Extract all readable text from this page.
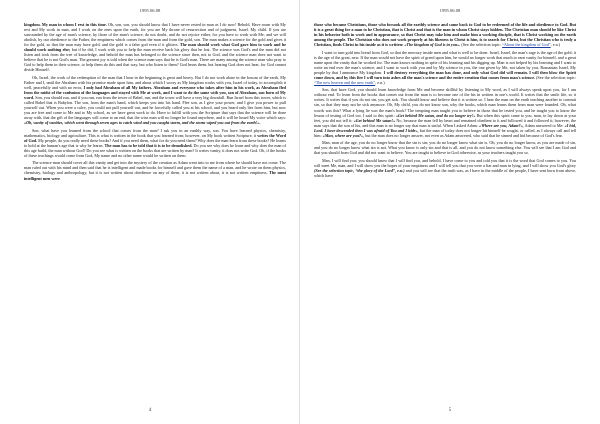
1995.06.08

kingdom. My man in whom I rest in this time. Oh, son, son, you should know that I have never rested in man as I do now! Behold, Have room with My rest and My work in man, and I work on the ones upon the earth, for you are My throne of resurrection and of judgment, Israel. My child. If you are surrounded by the age of man's science, by those of the man's science, do not doubt, and do not rejoice either, for you have to work with Me, and we will abolish, by our obedience to the Father, the emptiness which comes from the man and from the gold, son. The man makes a science for the gold and gives it for the gold, so that the man may have gold, and the gold is a false god even if it glitters. The man should work what God gave him to work and he should work nothing else; but if he did, I work with you to help the man receive back his glory that he lost. The science was God's and the man did not listen and took from the tree of knowledge, and behold the man has belonged to the science since then, not to God, and the science man does not want to believe that he is not God's man. The greatest joy is told when the science man says that he is God's man. There are many among the science man who pray to God to help them in their science, to help them do this and that way, but who listen to them? God hears them, but hearing God does not hear, for God cannot divide Himself.

Oh, Israel, the work of the redemption of the man that I bear in the beginning is great and heavy. But I do not work alone in the bosom of the earth, My Father and I, until the Abraham with his promise made upon him, and about which I worry as My kingdom works with you, Israel of today, to accomplish it well, peacefully and with no error, I only had Abraham of all My fathers. Abraham and everyone who takes after him in his work, as Abraham fled from the midst of the confusion of the languages and stayed with Me at work, and I want to do the same with you, son of Abraham, son born of My word. Son, you should run, and if you run, run from the tower of Babel, run, and the tower will have a very big downfall. Run Israel from this tower, which is called Babel that is Babylon. The son, from the man's hand, which keeps you into his hand. Flee son, as I give your power, and I give you power to pull yourself out. When you were a calve, you could not pull yourself out, and he forcefully called you at his school, and you heard only lies from him, but now you are free and come to Me and to My school, as we have great work to do. Have to fulfill with you the Scripture that says that the science will be done away with, that the gift of the languages will come to an end, that the wise man will no longer be found anywhere, and it will be heard My voice which says: «Oh, vanity of vanities, which went through seven ages to catch wind and you caught storm, and the storm wiped you out from the earth!».

Son, what have you learned from the school that comes from the man? I ask you in an earthly way, son. You have learned physics, chemistry, mathematics, biology and agriculture. This is what is written in the book that you learned from; however, on My book written Scripture, it writes the Word of God. My people, do you really need these books? And if you need them, what for do you need them? Why does the man learn from these books? He learns to hold at the human's age that is why he learns. The man has to be told that it is to be demolished. Do you see why does he learn and why does the man of this age build, the man without God? Do you see what is written on the books that are written by man? It writes vanity, it does not write God. Oh, if the books of these teachings would come from God, My name and no other name would be written on them.

The science man should cover all this vanity and get into the mystery of the creation as Adam went into to me from where he should have not come. The man ruled out with his mind and then said that he is intelligent and made books for himself and gave them the name of a man, and he wrote on them physics, chemistry, biology and anthropology, but it is not written about obedience on any of them, it is not written about, it is not written emptiness. The most intelligent men were

4
1995.06.08

those who became Christians, those who forsook all the earthly science and came back to God to be redeemed of the life and obedience to God. But it is a great thing for a man to be Christian, that is Christ and that is the man in whom Christ stays hidden. The Christian man should be like Christ in his behavior both in work and in appearance, so that Christ may take him and make him a working disciple, that is Christ working on the earth among the people. The Christian who does not work properly at his likeness to Christ is him, is to search for Christ, but the Christian who is truly a Christian, finds Christ in his inside as it is written: «The kingdom of God is in you». (See the selection topic: “About the kingdom of God”, e.n.)

I want to turn gold into bread from God, so that the mercury inside men and what is well to be done. Israel, Israel, the man's rage is the age of the gold; it is the age of the great, new. If the man would not have the spirit of greed upon him, he would no longer work that much to earn vanity for himself, and a great name upon the vanity that he worked for. The man knows nothing in spite of his learning and his digging up. Man is not helped by his learning and I want to write an end over the man's science, and I want to work with you and by My science in you, the one given by Me, not taken by you, Romanian Israel, My people by that I announce My kingdom. I will destroy everything the man has done, and only what God did will remain. I will then blow the Spirit come down, and by this fire I will turn into ashes all the man's science and the entire creation that comes from man's science. (See the selection topic: “The new heaven and the new earth”, e.n.)

Son, that have God, you should learn knowledge from Me and become skillful by listening to My word, as I will always speak upon you, for I am without end. To learn from the books that comes out from the man is to become one of the his in written in one's world. It writes that the smile life, so it writes. It writes that if you do not sin, you get sick. You should know and believe that it is written so. I hear the man on the earth teaching another to commit sin, so that they may not be sick anymore. Oh, My child, you do not know son, why the books, which man learns them from man were founded. Oh, what words was this? What a lying lie was the man's book? The tempting man taught you to believe in those that he tested you, and he taught you to know the lesson of testing of God too. I said to this spirit: «Get behind Me satan, and do no longer try!» But when this spirit came to you, man, to lay down at your feet, you did not tell it: «Get behind Me satan!» No, because the man fell by heart and remained obedient to it and followed it and followed it; however, the man says that the son of his, and this man is no longer say that man is sinful. When I asked Adam: «Where are you, Adam?», Adam answered to Me: «I hid, Lord. I have descended then I was afraid of You and I hide», but the man of today does not longer hit himself be sought, or called, as I always call and tell him: «Man, where are you?», but the man does no longer answer, not even as Adam answered, who said that he sinned and hid because of God's fear.

Man, man of the age, you do no longer know that the sin is sin; you do no longer know what sin is. Oh, you do no longer know, as you are made of sin, and you do no longer know what sin is not. What you know is only sin and that is all, and you do not know something else. You will see that I am God and that you should from God and did not want to believe. You are taught to believe in God otherwise, as your teachers taught you so.

Man, I will find you; you should know that I will find you, and behold, I have come to you and told you that it is the word that God comes to you. You will meet Me, man, and I will show you the hopes of your emptiness and I will tell you that you were a liar and man in lying, and I will show you God's glory (See the selection topic, “the glory of the Lord”, e.n.) and you will see that the truth was, as I have in the middle of the people, I have sent born from above, which have

5
